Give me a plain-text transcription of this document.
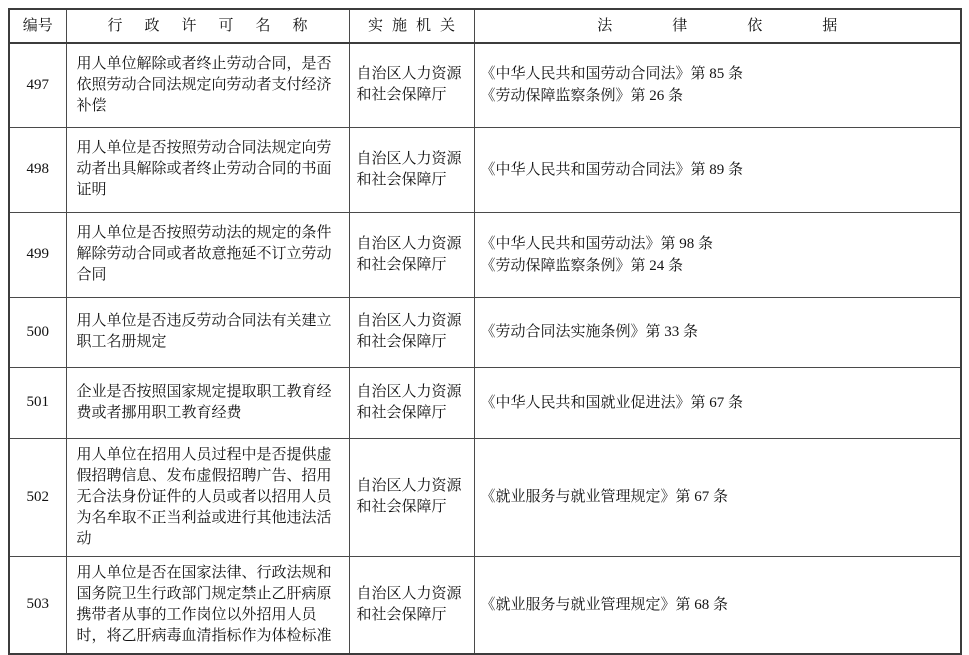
编号	行政许可名称	实施机关	法律依据
497	用人单位解除或者终止劳动合同，是否依照劳动合同法规定向劳动者支付经济补偿	自治区人力资源和社会保障厅	《中华人民共和国劳动合同法》第 85 条
《劳动保障监察条例》第 26 条

498	用人单位是否按照劳动合同法规定向劳动者出具解除或者终止劳动合同的书面证明	自治区人力资源和社会保障厅	《中华人民共和国劳动合同法》第 89 条

499	用人单位是否按照劳动法的规定的条件解除劳动合同或者故意拖延不订立劳动合同	自治区人力资源和社会保障厅	《中华人民共和国劳动法》第 98 条
《劳动保障监察条例》第 24 条

500	用人单位是否违反劳动合同法有关建立职工名册规定	自治区人力资源和社会保障厅	《劳动合同法实施条例》第 33 条

501	企业是否按照国家规定提取职工教育经费或者挪用职工教育经费	自治区人力资源和社会保障厅	《中华人民共和国就业促进法》第 67 条

502	用人单位在招用人员过程中是否提供虚假招聘信息、发布虚假招聘广告、招用无合法身份证件的人员或者以招用人员为名牟取不正当利益或进行其他违法活动	自治区人力资源和社会保障厅	《就业服务与就业管理规定》第 67 条

503	用人单位是否在国家法律、行政法规和国务院卫生行政部门规定禁止乙肝病原携带者从事的工作岗位以外招用人员时，将乙肝病毒血清指标作为体检标准	自治区人力资源和社会保障厅	《就业服务与就业管理规定》第 68 条
